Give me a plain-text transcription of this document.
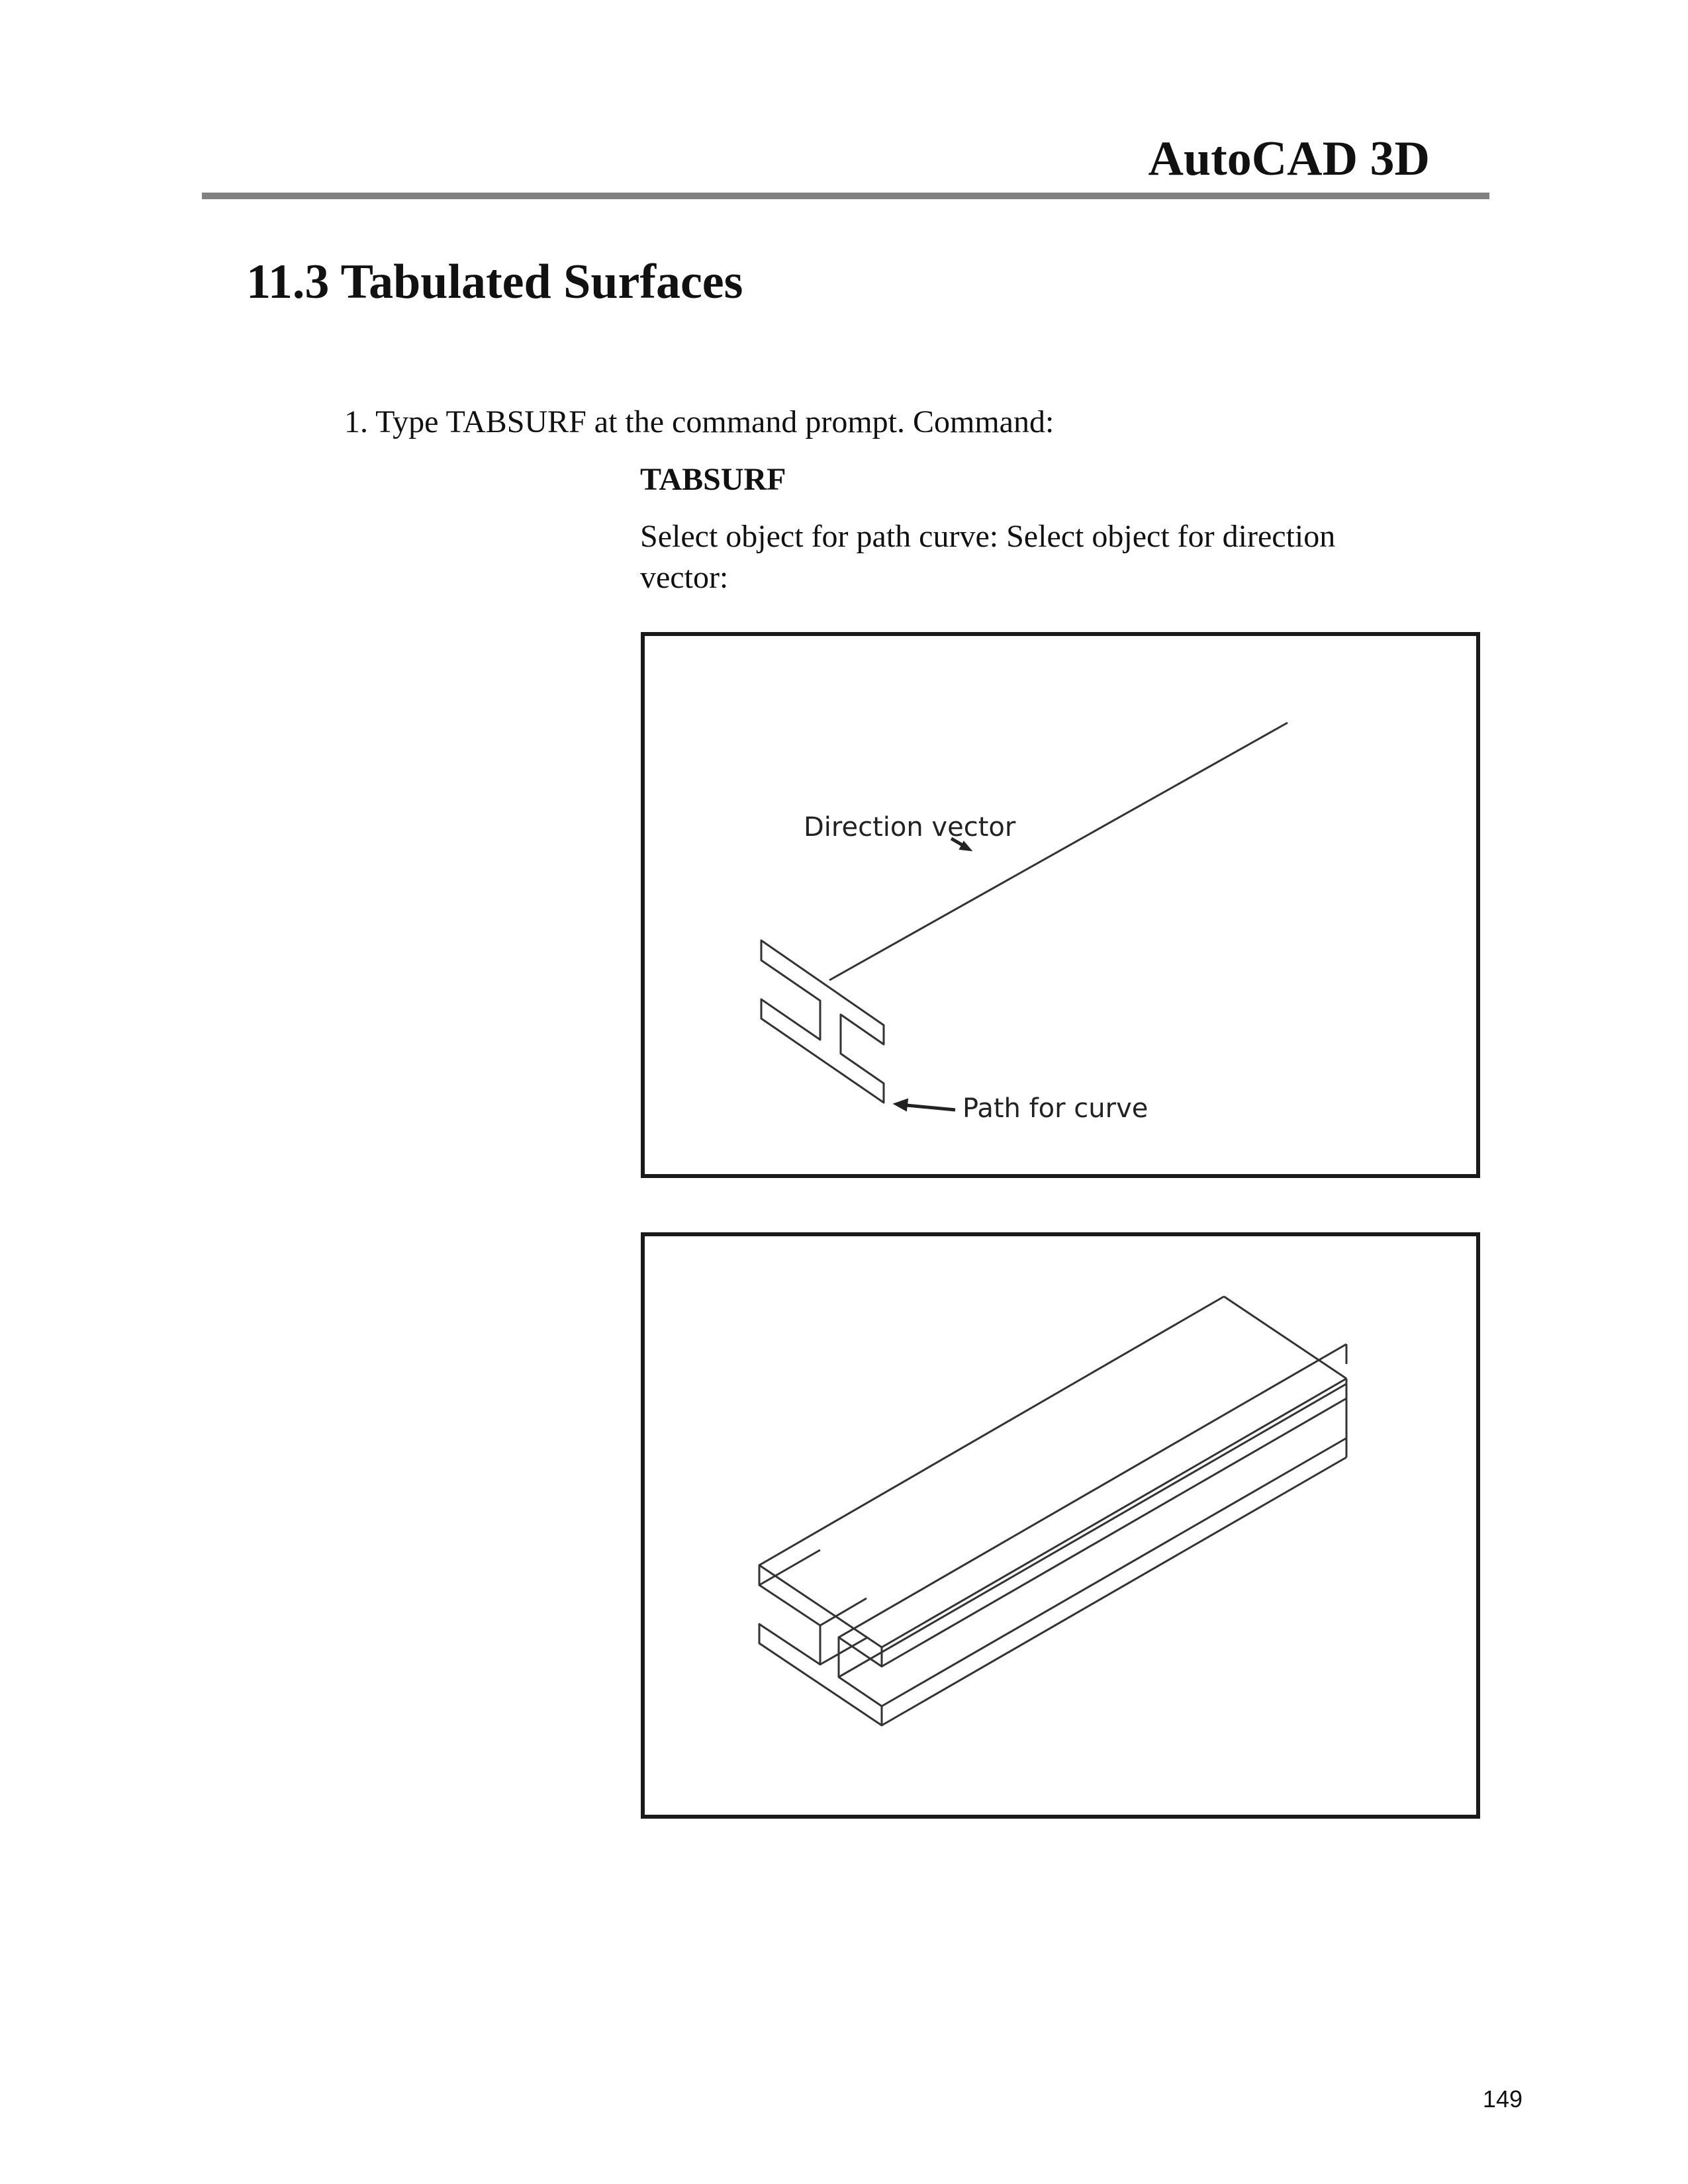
AutoCAD 3D
11.3 Tabulated Surfaces
1. Type TABSURF at the command prompt. Command:
TABSURF
Select object for path curve: Select object for direction vector:
Direction vector
Path for curve
149
